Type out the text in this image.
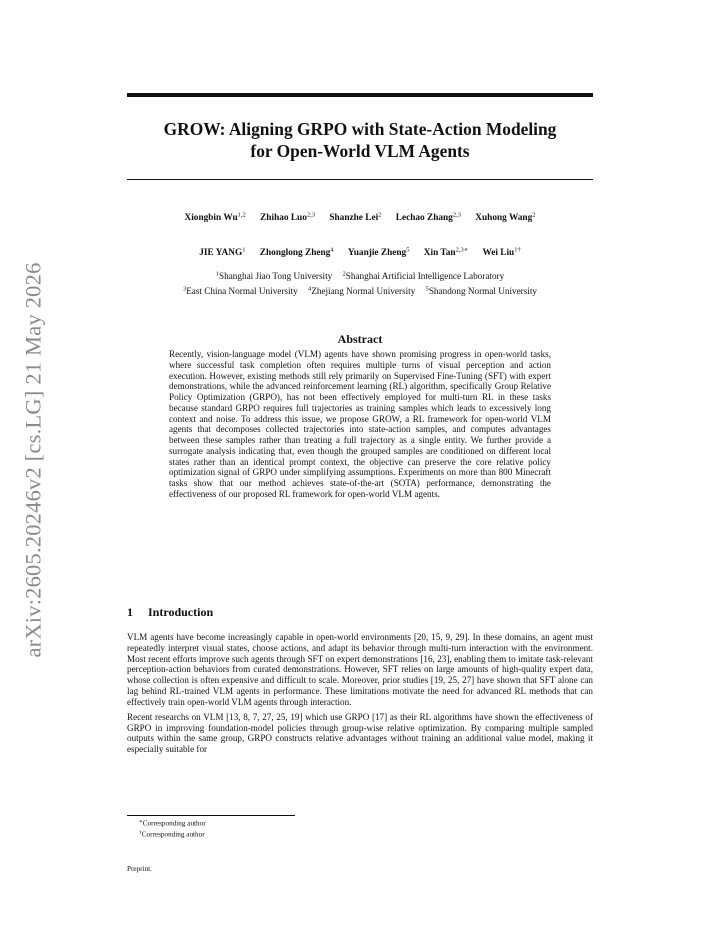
arXiv:2605.20246v2 [cs.LG] 21 May 2026
GROW: Aligning GRPO with State-Action Modeling
for Open-World VLM Agents
Xiongbin Wu$^{1,2}$ Zhihao Luo$^{2,3}$ Shanzhe Lei$^2$ Lechao Zhang$^{2,3}$ Xuhong Wang$^2$
JIE YANG$^1$ Zhonglong Zheng$^4$ Yuanjie Zheng$^5$ Xin Tan$^{2,3∗}$ Wei Liu$^{1\dagger}$
$^1$Shanghai Jiao Tong University $^2$Shanghai Artificial Intelligence Laboratory
$^3$East China Normal University $^4$Zhejiang Normal University $^5$Shandong Normal University
Abstract
Recently, vision-language model (VLM) agents have shown promising progress in open-world tasks, where successful task completion often requires multiple turns of visual perception and action execution. However, existing methods still rely primarily on Supervised Fine-Tuning (SFT) with expert demonstrations, while the advanced reinforcement learning (RL) algorithm, specifically Group Relative Policy Optimization (GRPO), has not been effectively employed for multi-turn RL in these tasks because standard GRPO requires full trajectories as training samples which leads to excessively long context and noise. To address this issue, we propose GROW, a RL framework for open-world VLM agents that decomposes collected trajectories into state-action samples, and computes advantages between these samples rather than treating a full trajectory as a single entity. We further provide a surrogate analysis indicating that, even though the grouped samples are conditioned on different local states rather than an identical prompt context, the objective can preserve the core relative policy optimization signal of GRPO under simplifying assumptions. Experiments on more than 800 Minecraft tasks show that our method achieves state-of-the-art (SOTA) performance, demonstrating the effectiveness of our proposed RL framework for open-world VLM agents.
1 Introduction

VLM agents have become increasingly capable in open-world environments [20, 15, 9, 29]. In these domains, an agent must repeatedly interpret visual states, choose actions, and adapt its behavior through multi-turn interaction with the environment. Most recent efforts improve such agents through SFT on expert demonstrations [16, 23], enabling them to imitate task-relevant perception-action behaviors from curated demonstrations. However, SFT relies on large amounts of high-quality expert data, whose collection is often expensive and difficult to scale. Moreover, prior studies [19, 25, 27] have shown that SFT alone can lag behind RL-trained VLM agents in performance. These limitations motivate the need for advanced RL methods that can effectively train open-world VLM agents through interaction.

Recent researchs on VLM [13, 8, 7, 27, 25, 19] which use GRPO [17] as their RL algorithms have shown the effectiveness of GRPO in improving foundation-model policies through group-wise relative optimization. By comparing multiple sampled outputs within the same group, GRPO constructs relative advantages without training an additional value model, making it especially suitable for

∗Corresponding author
†Corresponding author
Preprint.
